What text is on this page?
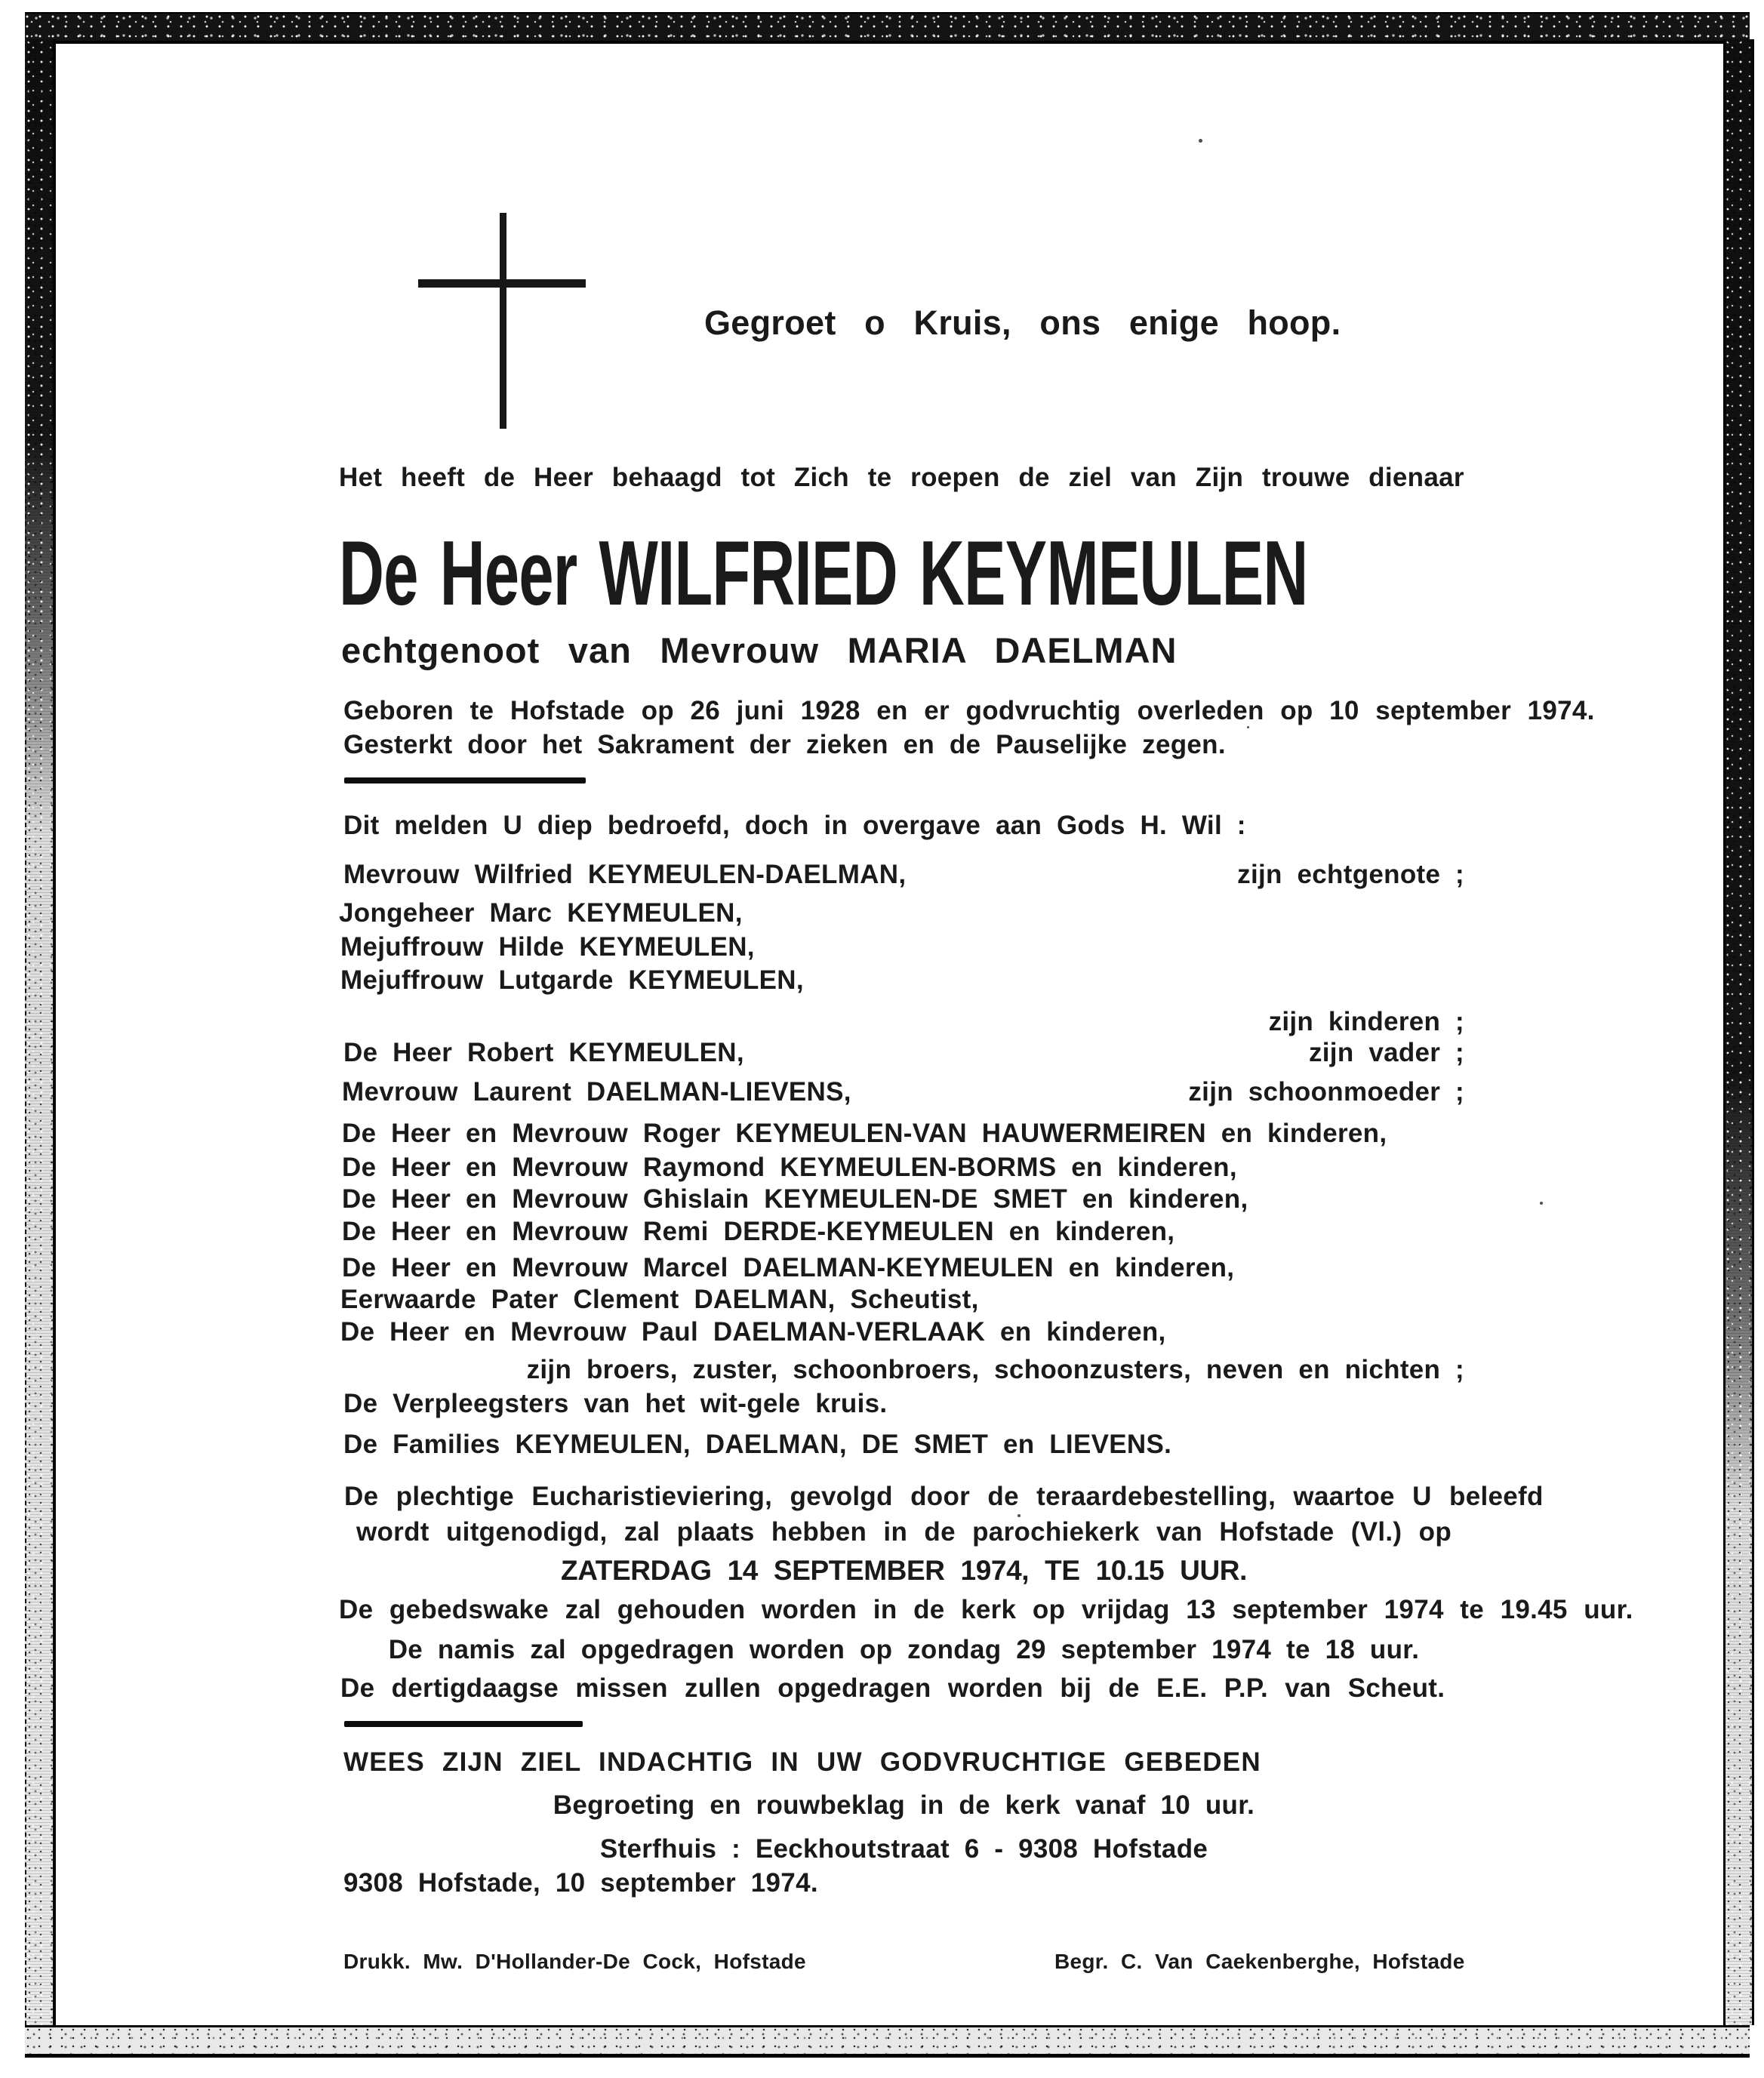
Gegroet o Kruis, ons enige hoop.
Het heeft de Heer behaagd tot Zich te roepen de ziel van Zijn trouwe dienaar
De Heer WILFRIED KEYMEULEN
echtgenoot van Mevrouw MARIA DAELMAN
Geboren te Hofstade op 26 juni 1928 en er godvruchtig overleden op 10 september 1974.
Gesterkt door het Sakrament der zieken en de Pauselijke zegen.
Dit melden U diep bedroefd, doch in overgave aan Gods H. Wil :
Mevrouw Wilfried KEYMEULEN-DAELMAN,	zijn echtgenote ;
Jongeheer Marc KEYMEULEN,
Mejuffrouw Hilde KEYMEULEN,
Mejuffrouw Lutgarde KEYMEULEN,
zijn kinderen ;
De Heer Robert KEYMEULEN,	zijn vader ;
Mevrouw Laurent DAELMAN-LIEVENS,	zijn schoonmoeder ;
De Heer en Mevrouw Roger KEYMEULEN-VAN HAUWERMEIREN en kinderen,
De Heer en Mevrouw Raymond KEYMEULEN-BORMS en kinderen,
De Heer en Mevrouw Ghislain KEYMEULEN-DE SMET en kinderen,
De Heer en Mevrouw Remi DERDE-KEYMEULEN en kinderen,
De Heer en Mevrouw Marcel DAELMAN-KEYMEULEN en kinderen,
Eerwaarde Pater Clement DAELMAN, Scheutist,
De Heer en Mevrouw Paul DAELMAN-VERLAAK en kinderen,
zijn broers, zuster, schoonbroers, schoonzusters, neven en nichten ;
De Verpleegsters van het wit-gele kruis.
De Families KEYMEULEN, DAELMAN, DE SMET en LIEVENS.
De plechtige Eucharistieviering, gevolgd door de teraardebestelling, waartoe U beleefd
wordt uitgenodigd, zal plaats hebben in de parochiekerk van Hofstade (Vl.) op
ZATERDAG 14 SEPTEMBER 1974, TE 10.15 UUR.
De gebedswake zal gehouden worden in de kerk op vrijdag 13 september 1974 te 19.45 uur.
De namis zal opgedragen worden op zondag 29 september 1974 te 18 uur.
De dertigdaagse missen zullen opgedragen worden bij de E.E. P.P. van Scheut.
WEES ZIJN ZIEL INDACHTIG IN UW GODVRUCHTIGE GEBEDEN
Begroeting en rouwbeklag in de kerk vanaf 10 uur.
Sterfhuis : Eeckhoutstraat 6 - 9308 Hofstade
9308 Hofstade, 10 september 1974.
Drukk. Mw. D'Hollander-De Cock, Hofstade	Begr. C. Van Caekenberghe, Hofstade
